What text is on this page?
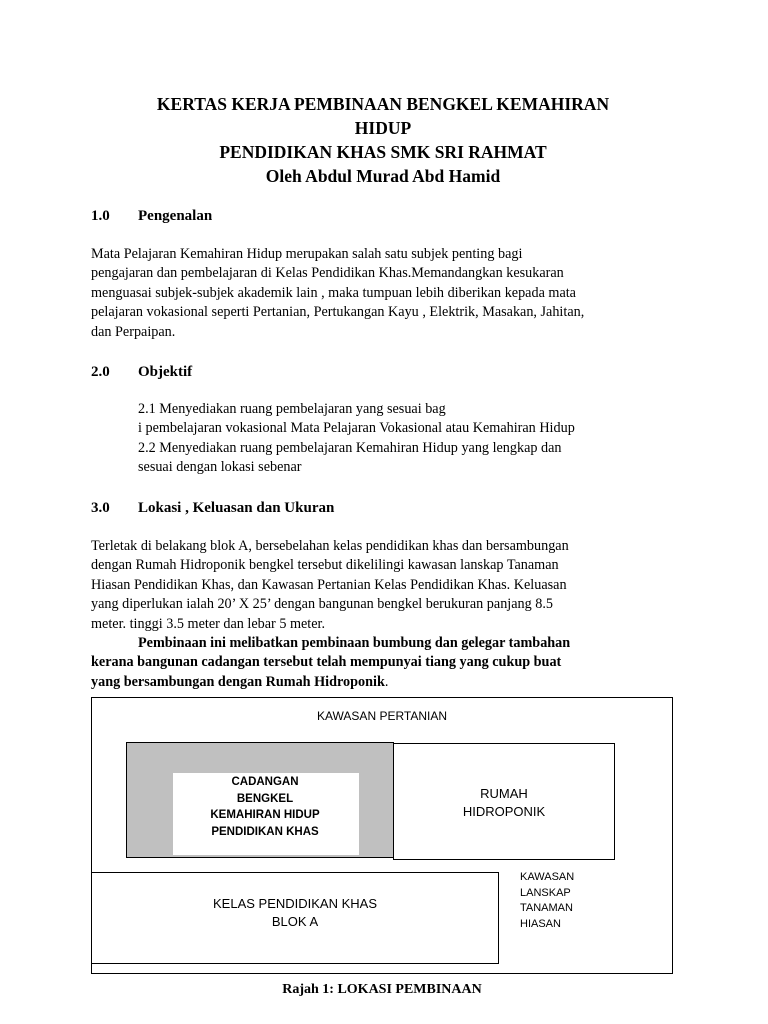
KERTAS KERJA PEMBINAAN BENGKEL KEMAHIRAN
HIDUP
PENDIDIKAN KHAS SMK SRI RAHMAT
Oleh Abdul Murad Abd Hamid
1.0 Pengenalan
Mata Pelajaran Kemahiran Hidup merupakan salah satu subjek penting bagi
pengajaran dan pembelajaran di Kelas Pendidikan Khas.Memandangkan kesukaran
menguasai subjek-subjek akademik lain , maka tumpuan lebih diberikan kepada mata
pelajaran vokasional seperti Pertanian, Pertukangan Kayu , Elektrik, Masakan, Jahitan,
dan Perpaipan.
2.0 Objektif
2.1 Menyediakan ruang pembelajaran yang sesuai bag
i pembelajaran vokasional Mata Pelajaran Vokasional atau Kemahiran Hidup
2.2 Menyediakan ruang pembelajaran Kemahiran Hidup yang lengkap dan
sesuai dengan lokasi sebenar
3.0 Lokasi , Keluasan dan Ukuran
Terletak di belakang blok A, bersebelahan kelas pendidikan khas dan bersambungan
dengan Rumah Hidroponik bengkel tersebut dikelilingi kawasan lanskap Tanaman
Hiasan Pendidikan Khas, dan Kawasan Pertanian Kelas Pendidikan Khas. Keluasan
yang diperlukan ialah 20’ X 25’ dengan bangunan bengkel berukuran panjang 8.5
meter. tinggi 3.5 meter dan lebar 5 meter.
Pembinaan ini melibatkan pembinaan bumbung dan gelegar tambahan
kerana bangunan cadangan tersebut telah mempunyai tiang yang cukup buat
yang bersambungan dengan Rumah Hidroponik.
KAWASAN PERTANIAN
CADANGAN
BENGKEL
KEMAHIRAN HIDUP
PENDIDIKAN KHAS
RUMAH
HIDROPONIK
KELAS PENDIDIKAN KHAS
BLOK A
KAWASAN
LANSKAP
TANAMAN
HIASAN
Rajah 1: LOKASI PEMBINAAN
